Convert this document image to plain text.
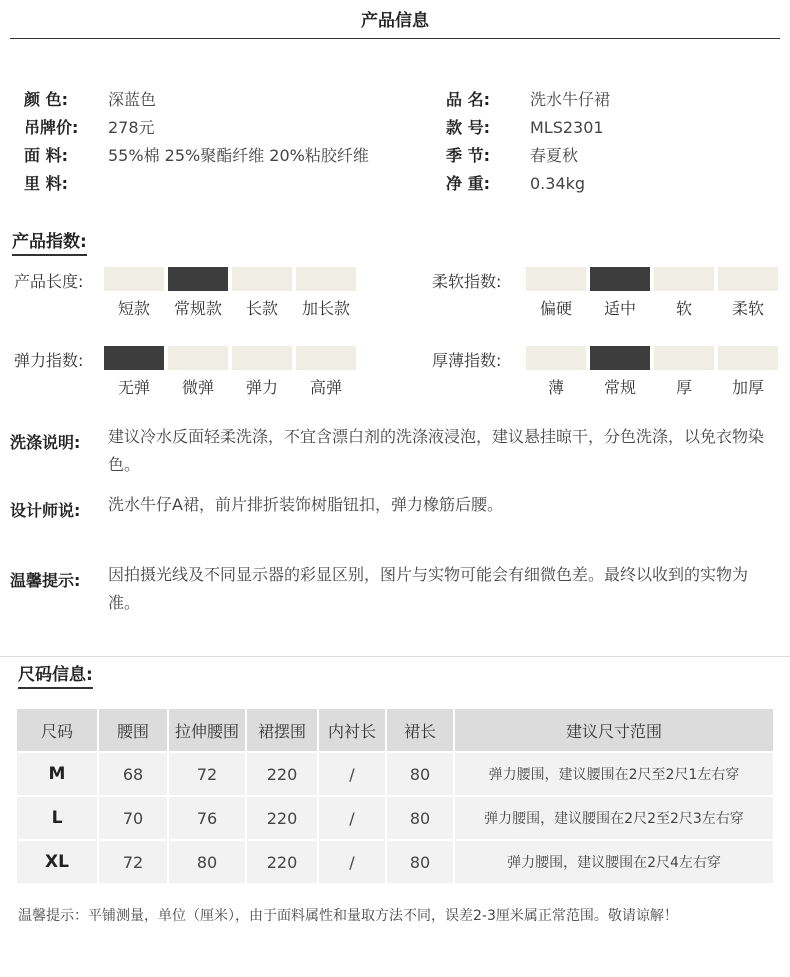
产品信息
颜 色:	深蓝色
吊牌价: 278元
面 料:	55%棉 25%聚酯纤维 20%粘胶纤维
里 料:
品 名:	洗水牛仔裙
款 号:	MLS2301
季 节:	春夏秋
净 重:	0.34kg
产品指数:
产品长度:
短款	常规款	长款	加长款
柔软指数:
偏硬	适中	软	柔软
弹力指数:
无弹	微弹	弹力	高弹
厚薄指数:
薄	常规	厚	加厚
洗涤说明: 建议冷水反面轻柔洗涤，不宜含漂白剂的洗涤液浸泡，建议悬挂晾干，分色洗涤，以免衣物染色。
设计师说: 洗水牛仔A裙，前片排折装饰树脂钮扣，弹力橡筋后腰。
温馨提示: 因拍摄光线及不同显示器的彩显区别，图片与实物可能会有细微色差。最终以收到的实物为准。
尺码信息:
尺码	腰围	拉伸腰围	裙摆围	内衬长	裙长	建议尺寸范围
M	68	72	220	/	80	弹力腰围，建议腰围在2尺至2尺1左右穿
L	70	76	220	/	80	弹力腰围，建议腰围在2尺2至2尺3左右穿
XL	72	80	220	/	80	弹力腰围，建议腰围在2尺4左右穿
温馨提示：平铺测量，单位（厘米），由于面料属性和量取方法不同，误差2-3厘米属正常范围。敬请谅解！
